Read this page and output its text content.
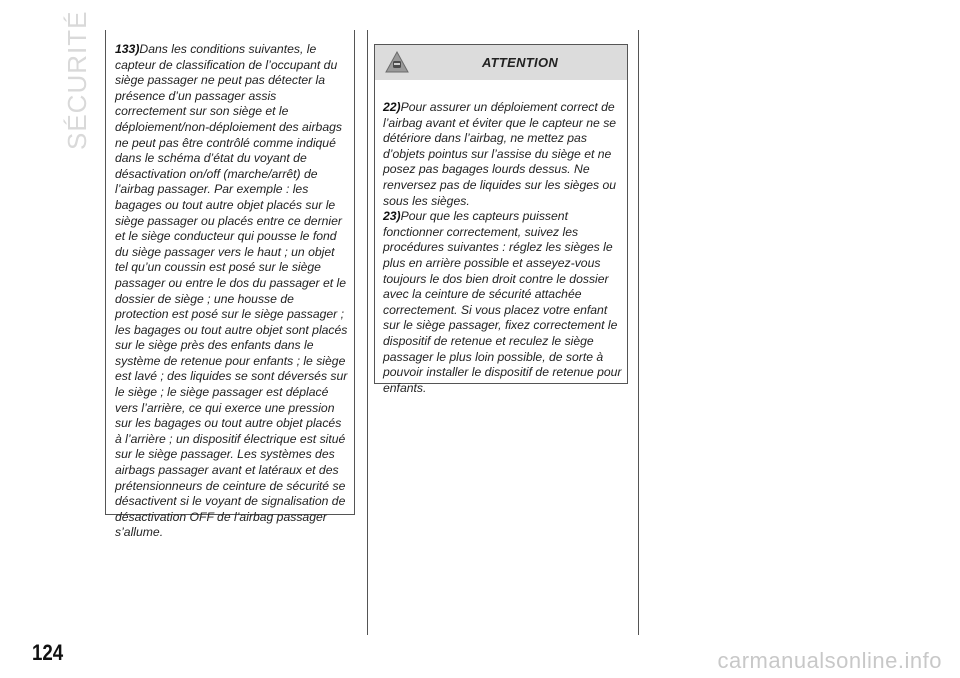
SÉCURITÉ	133)Dans les conditions suivantes, le capteur de classification de l’occupant du siège passager ne peut pas détecter la présence d’un passager assis correctement sur son siège et le déploiement/non-déploiement des airbags ne peut pas être contrôlé comme indiqué dans le schéma d’état du voyant de désactivation on/off (marche/arrêt) de l’airbag passager. Par exemple : les bagages ou tout autre objet placés sur le siège passager ou placés entre ce dernier et le siège conducteur qui pousse le fond du siège passager vers le haut ; un objet tel qu’un coussin est posé sur le siège passager ou entre le dos du passager et le dossier de siège ; une housse de protection est posé sur le siège passager ; les bagages ou tout autre objet sont placés sur le siège près des enfants dans le système de retenue pour enfants ; le siège est lavé ; des liquides se sont déversés sur le siège ; le siège passager est déplacé vers l’arrière, ce qui exerce une pression sur les bagages ou tout autre objet placés à l’arrière ; un dispositif électrique est situé sur le siège passager. Les systèmes des airbags passager avant et latéraux et des prétensionneurs de ceinture de sécurité se désactivent si le voyant de signalisation de désactivation OFF de l’airbag passager s’allume.
ATTENTION
22)Pour assurer un déploiement correct de l’airbag avant et éviter que le capteur ne se détériore dans l’airbag, ne mettez pas d’objets pointus sur l’assise du siège et ne posez pas bagages lourds dessus. Ne renversez pas de liquides sur les sièges ou sous les sièges.
23)Pour que les capteurs puissent fonctionner correctement, suivez les procédures suivantes : réglez les sièges le plus en arrière possible et asseyez-vous toujours le dos bien droit contre le dossier avec la ceinture de sécurité attachée correctement. Si vous placez votre enfant sur le siège passager, fixez correctement le dispositif de retenue et reculez le siège passager le plus loin possible, de sorte à pouvoir installer le dispositif de retenue pour enfants.
124	carmanualsonline.info
